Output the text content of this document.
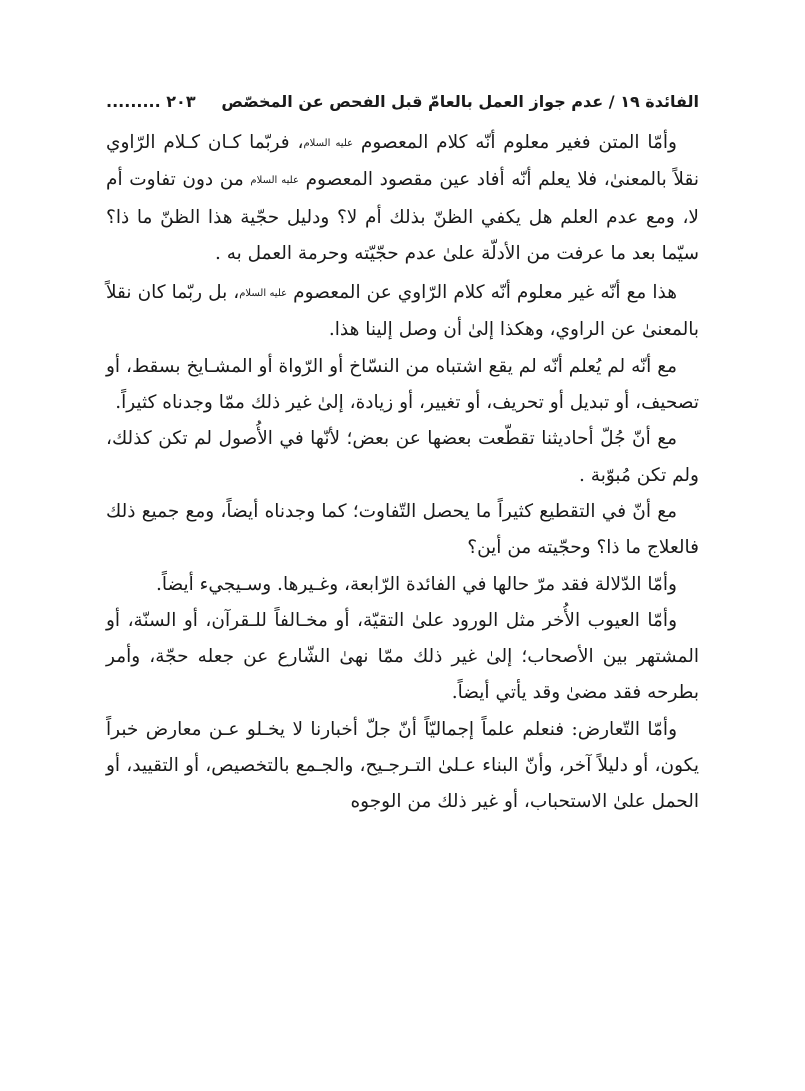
الفائدة ١٩ / عدم جواز العمل بالعامّ قبل الفحص عن المخصّص
٢٠٣ .........

وأمّا المتن فغير معلوم أنّه كلام المعصوم $^{عليه السلام}$، فربّما كـان كـلام الرّاوي نقلاً بالمعنىٰ، فلا يعلم أنّه أفاد عين مقصود المعصوم $^{عليه السلام}$ من دون تفاوت أم لا، ومع عدم العلم هل يكفي الظنّ بذلك أم لا؟ ودليل حجّية هذا الظنّ ما ذا؟ سيّما بعد ما عرفت من الأدلّة علىٰ عدم حجّيّته وحرمة العمل به .

هذا مع أنّه غير معلوم أنّه كلام الرّاوي عن المعصوم $^{عليه السلام}$، بل ربّما كان نقلاً بالمعنىٰ عن الراوي، وهكذا إلىٰ أن وصل إلينا هذا.

مع أنّه لم يُعلم أنّه لم يقع اشتباه من النسّاخ أو الرّواة أو المشـايخ بسقط، أو تصحيف، أو تبديل أو تحريف، أو تغيير، أو زيادة، إلىٰ غير ذلك ممّا وجدناه كثيراً.

مع أنّ جُلّ أحاديثنا تقطّعت بعضها عن بعض؛ لأنّها في الأُصول لم تكن كذلك، ولم تكن مُبوّبة .

مع أنّ في التقطيع كثيراً ما يحصل التّفاوت؛ كما وجدناه أيضاً، ومع جميع ذلك فالعلاج ما ذا؟ وحجّيته من أين؟

وأمّا الدّلالة فقد مرّ حالها في الفائدة الرّابعة، وغـيرها. وسـيجيء أيضاً.

وأمّا العيوب الأُخر مثل الورود علىٰ التقيّة، أو مخـالفاً للـقرآن، أو السنّة، أو المشتهر بين الأصحاب؛ إلىٰ غير ذلك ممّا نهىٰ الشّارع عن جعله حجّة، وأمر بطرحه فقد مضىٰ وقد يأتي أيضاً.

وأمّا التّعارض: فنعلم علماً إجماليّاً أنّ جلّ أخبارنا لا يخـلو عـن معارض خبراً يكون، أو دليلاً آخر، وأنّ البناء عـلىٰ التـرجـيح، والجـمع بالتخصيص، أو التقييد، أو الحمل علىٰ الاستحباب، أو غير ذلك من الوجوه
